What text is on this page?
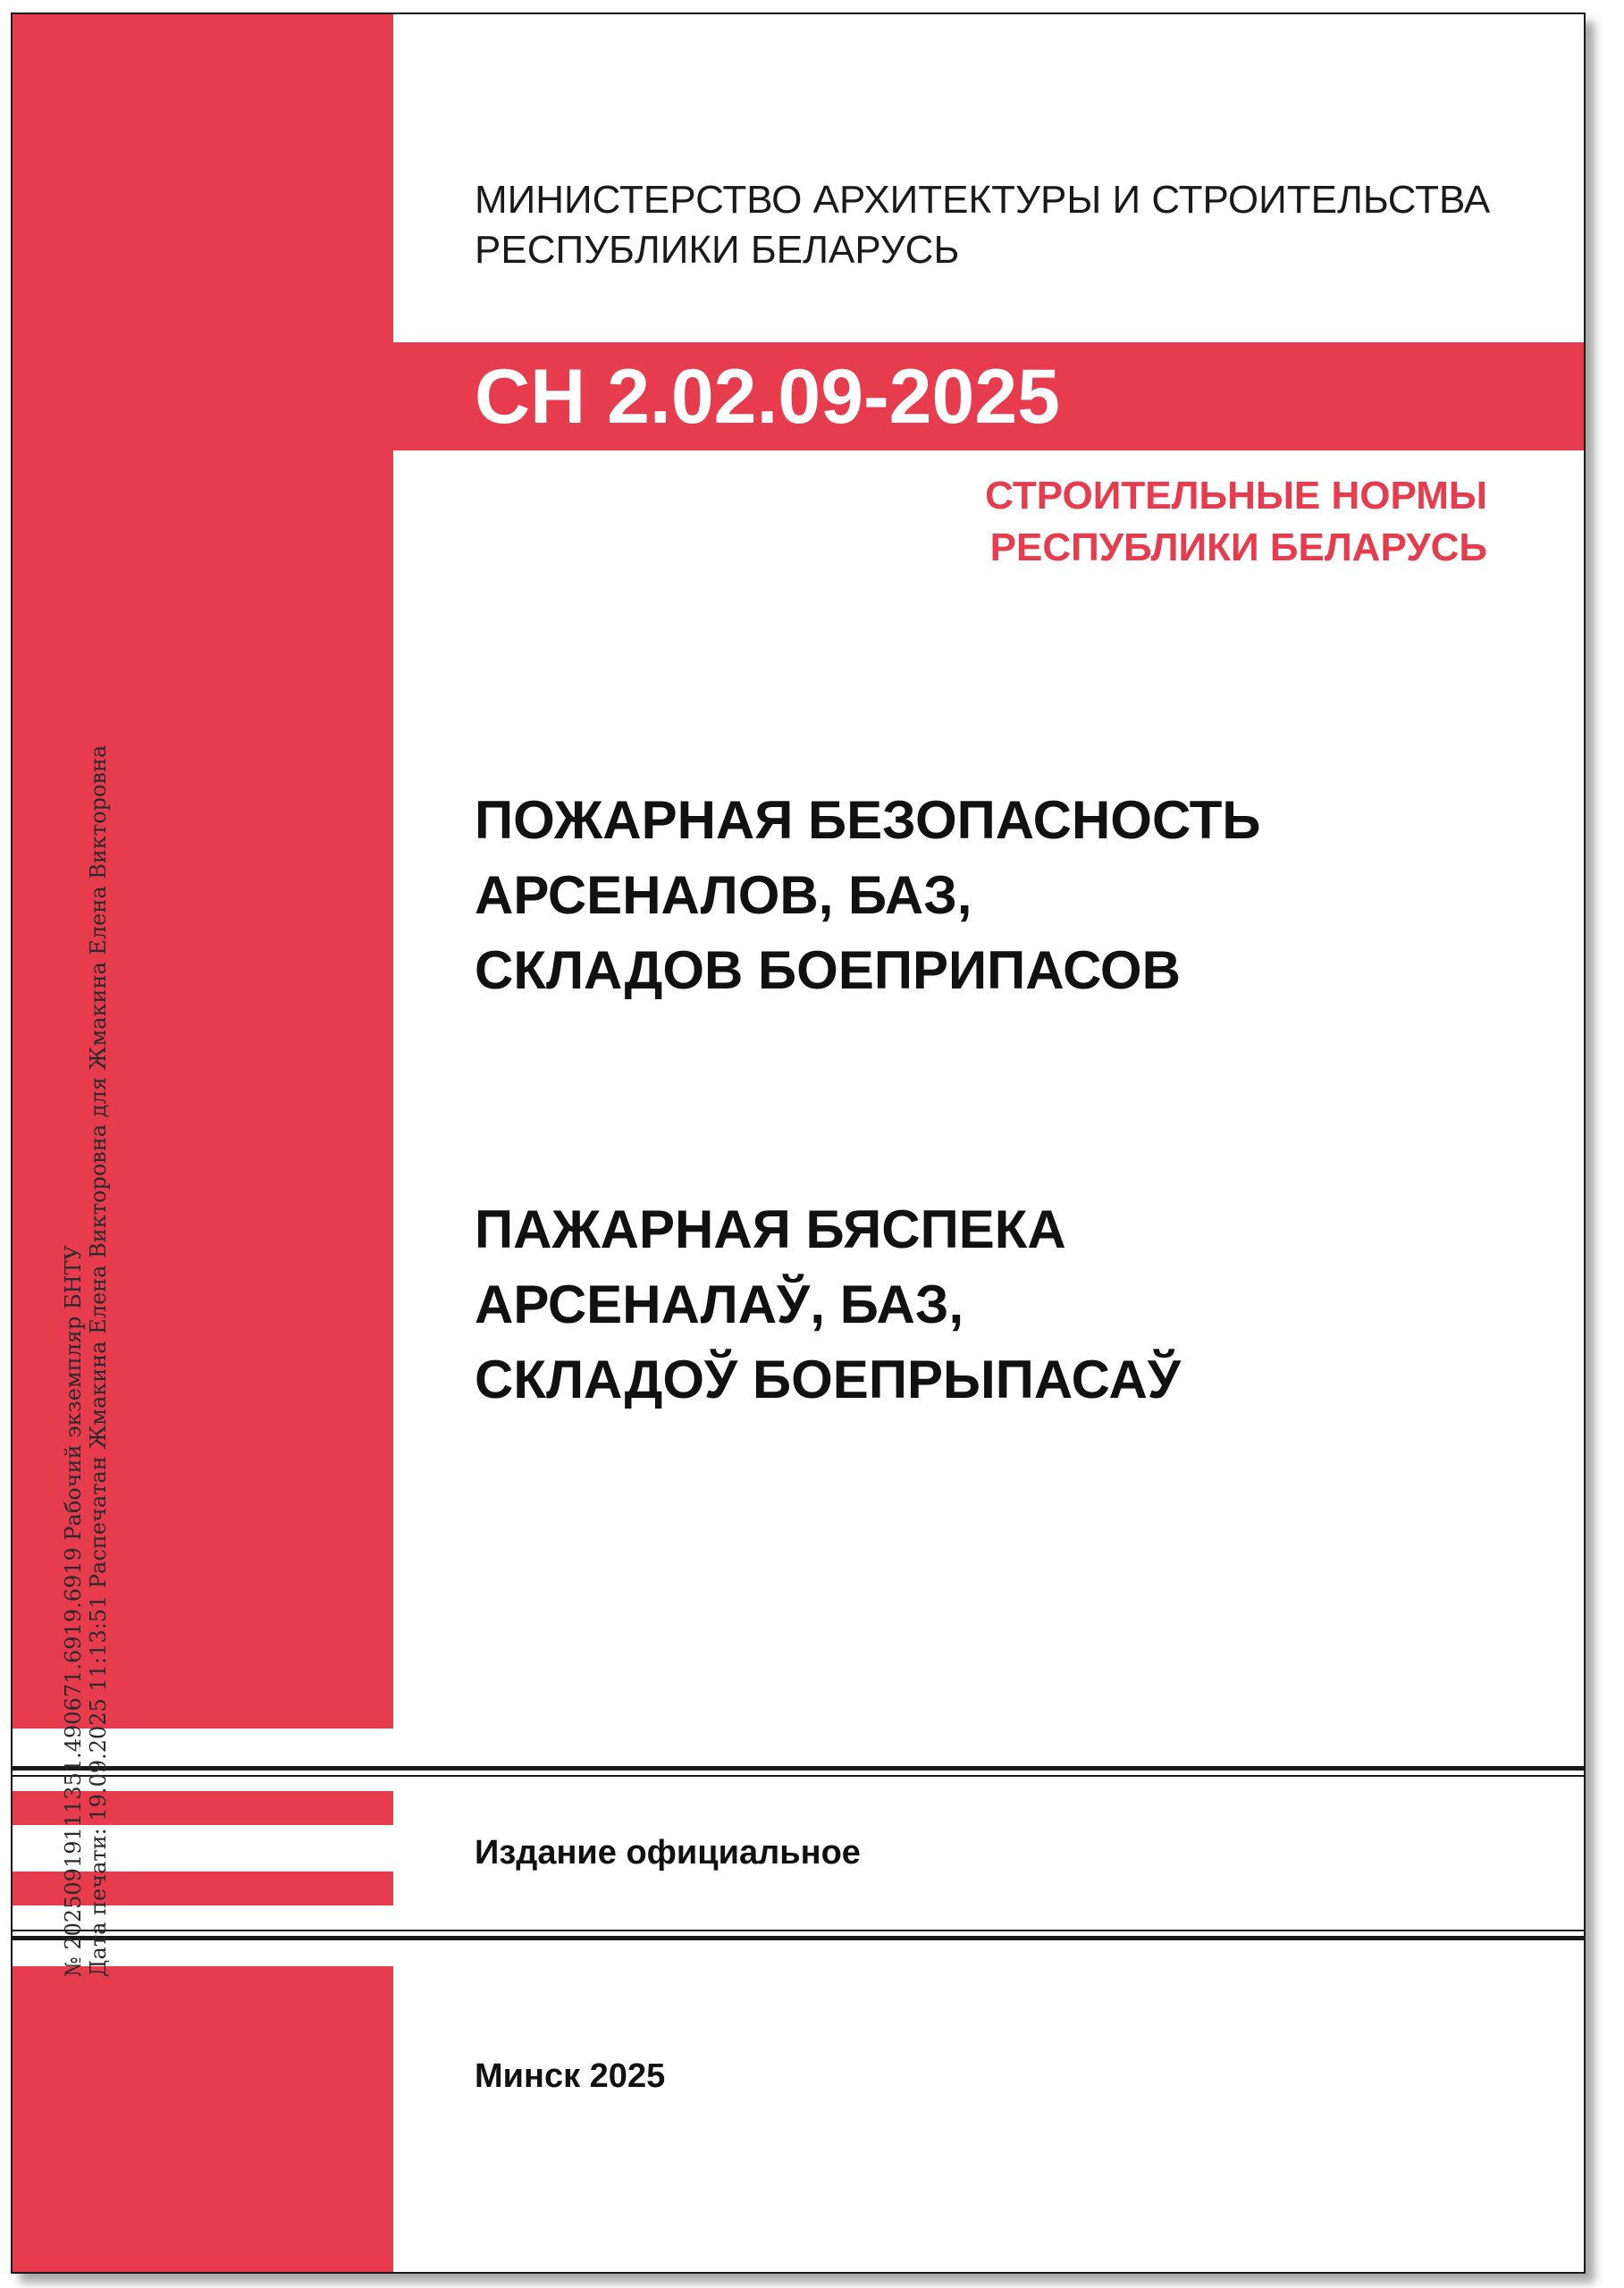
МИНИСТЕРСТВО АРХИТЕКТУРЫ И СТРОИТЕЛЬСТВА
РЕСПУБЛИКИ БЕЛАРУСЬ
СН 2.02.09-2025
СТРОИТЕЛЬНЫЕ НОРМЫ
РЕСПУБЛИКИ БЕЛАРУСЬ
ПОЖАРНАЯ БЕЗОПАСНОСТЬ
АРСЕНАЛОВ, БАЗ,
СКЛАДОВ БОЕПРИПАСОВ
ПАЖАРНАЯ БЯСПЕКА
АРСЕНАЛАЎ, БАЗ,
СКЛАДОЎ БОЕПРЫПАСАЎ
Издание официальное
Минск 2025
№ 20250919111351.490671.6919.6919 Рабочий экземпляр БНТУ Дата печати: 19.09.2025 11:13:51 Распечатан Жмакина Елена Викторовна для Жмакина Елена Викторовна
